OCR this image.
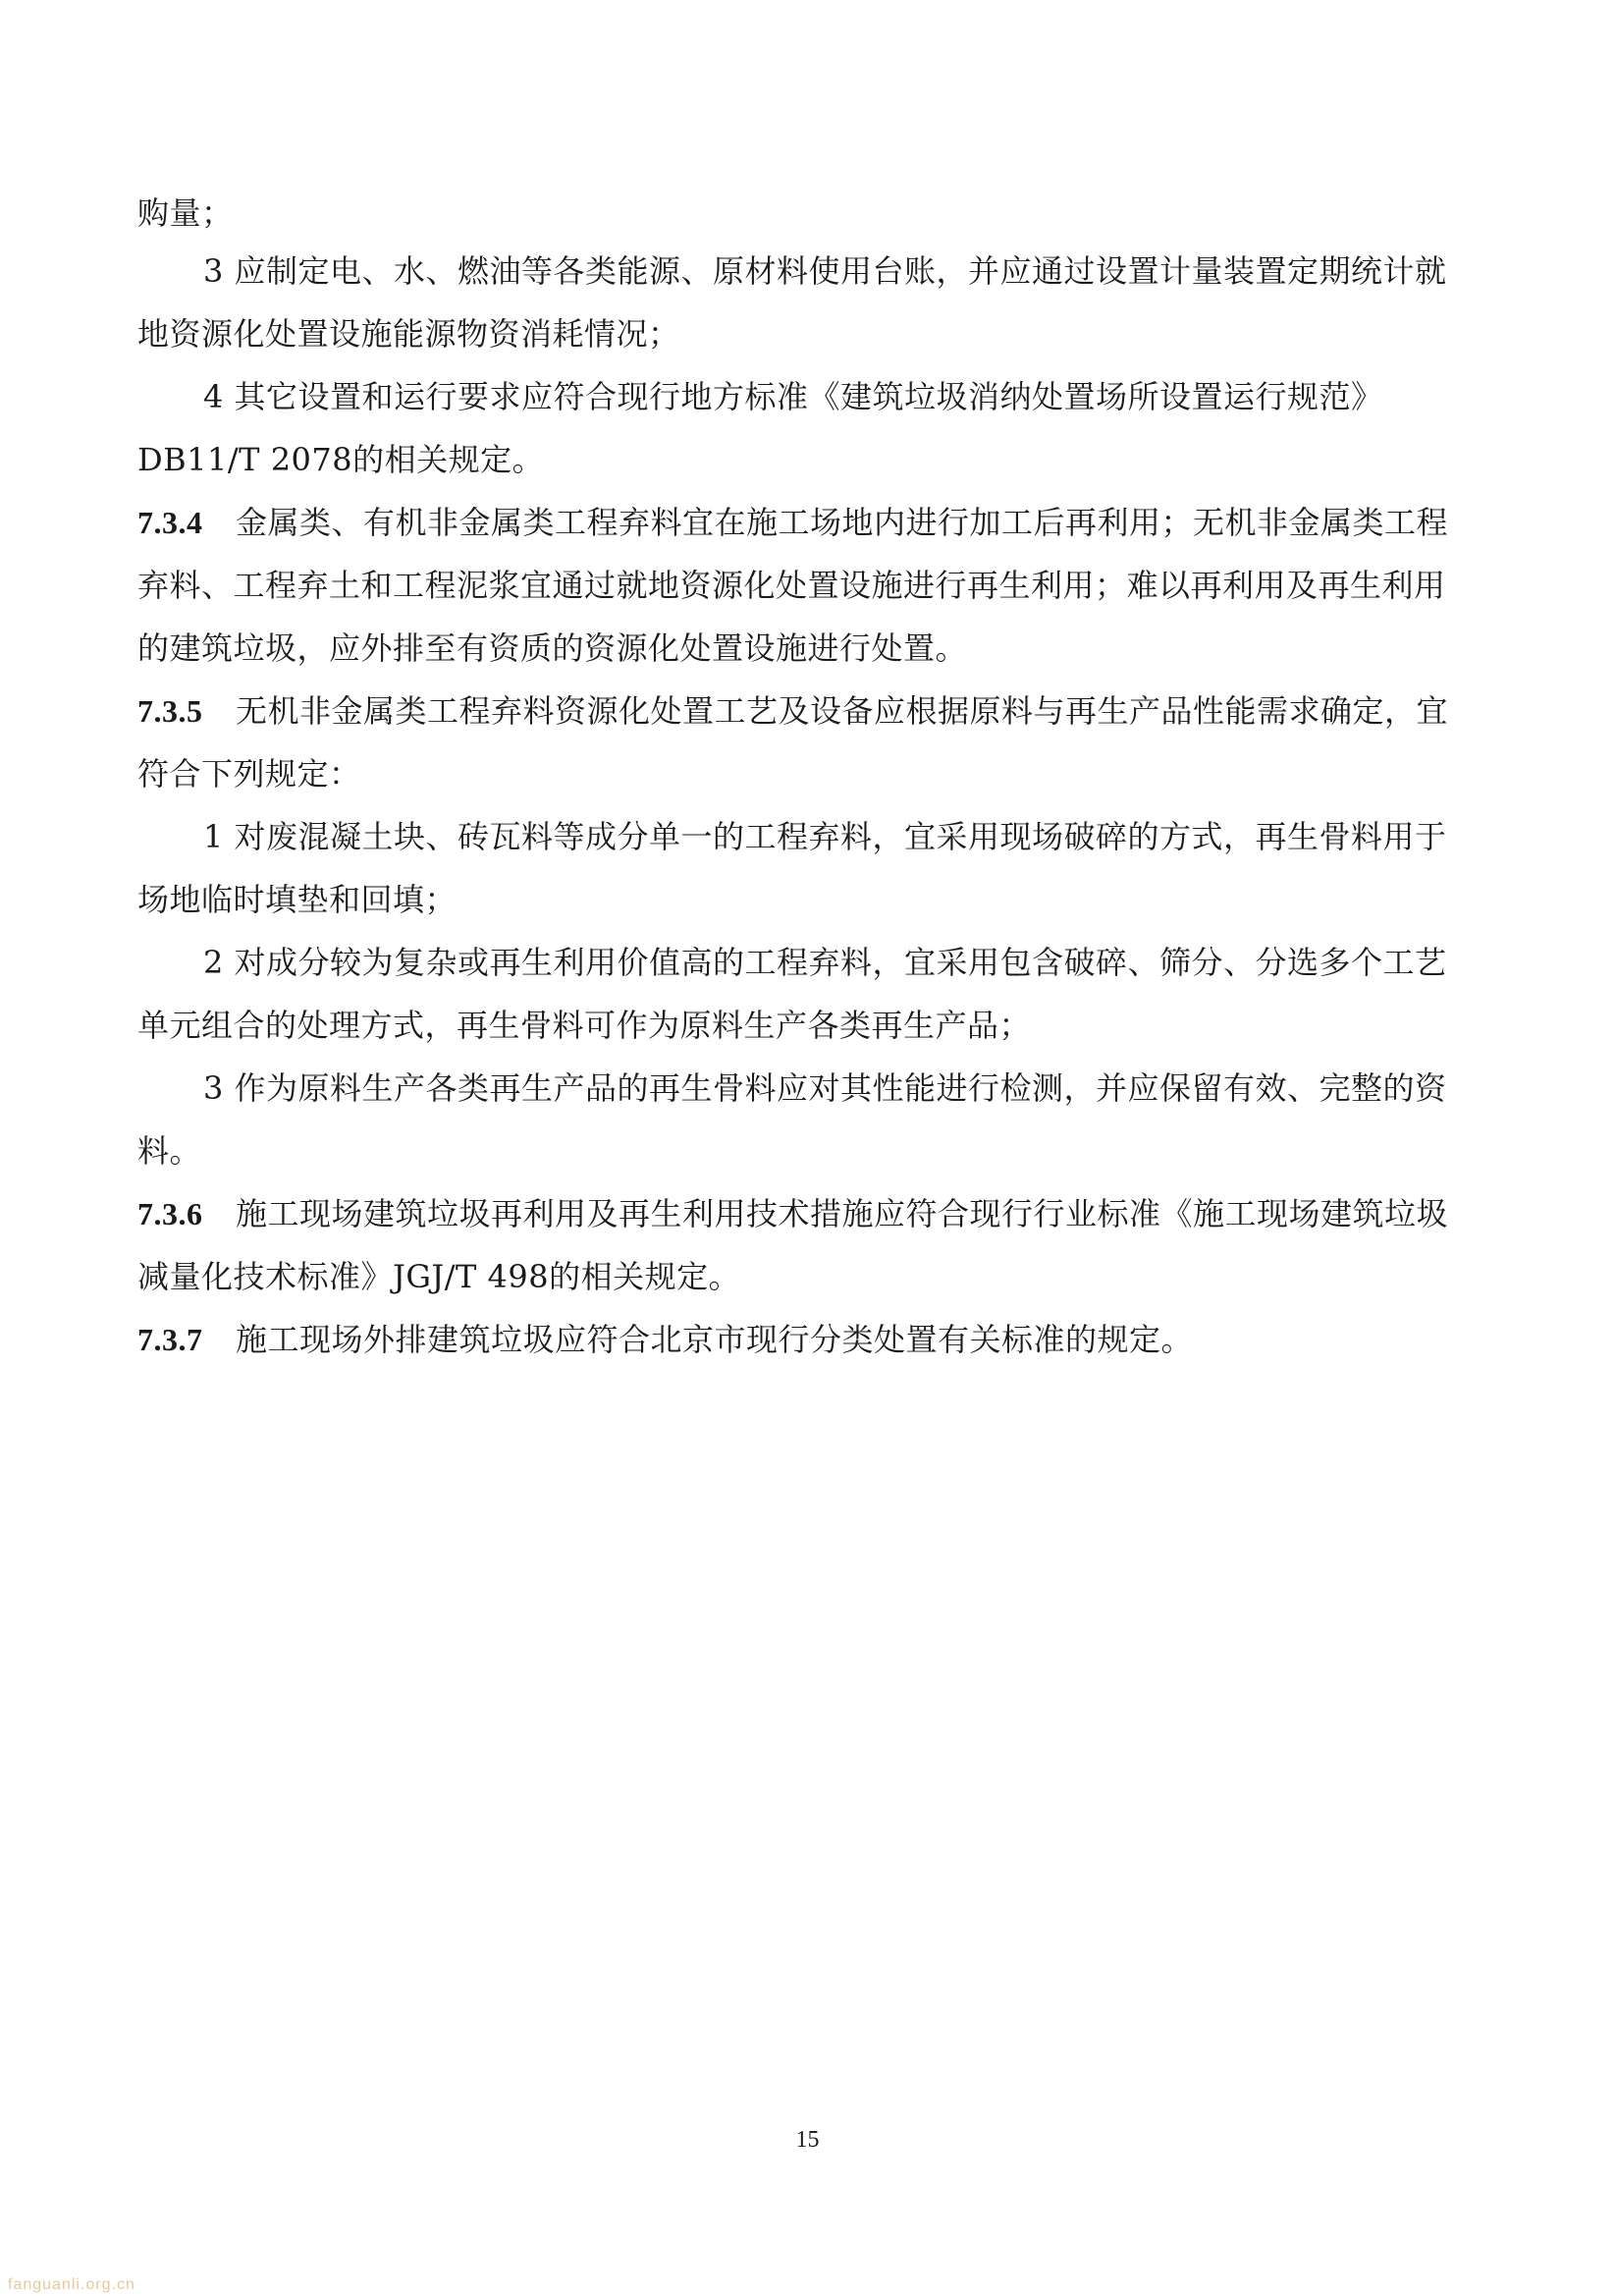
购量；
3 应制定电、水、燃油等各类能源、原材料使用台账，并应通过设置计量装置定期统计就
地资源化处置设施能源物资消耗情况；
4 其它设置和运行要求应符合现行地方标准《建筑垃圾消纳处置场所设置运行规范》
DB11/T 2078的相关规定。
7.3.4 金属类、有机非金属类工程弃料宜在施工场地内进行加工后再利用；无机非金属类工程
弃料、工程弃土和工程泥浆宜通过就地资源化处置设施进行再生利用；难以再利用及再生利用
的建筑垃圾，应外排至有资质的资源化处置设施进行处置。
7.3.5 无机非金属类工程弃料资源化处置工艺及设备应根据原料与再生产品性能需求确定，宜
符合下列规定：
1 对废混凝土块、砖瓦料等成分单一的工程弃料，宜采用现场破碎的方式，再生骨料用于
场地临时填垫和回填；
2 对成分较为复杂或再生利用价值高的工程弃料，宜采用包含破碎、筛分、分选多个工艺
单元组合的处理方式，再生骨料可作为原料生产各类再生产品；
3 作为原料生产各类再生产品的再生骨料应对其性能进行检测，并应保留有效、完整的资
料。
7.3.6 施工现场建筑垃圾再利用及再生利用技术措施应符合现行行业标准《施工现场建筑垃圾
减量化技术标准》JGJ/T 498的相关规定。
7.3.7 施工现场外排建筑垃圾应符合北京市现行分类处置有关标准的规定。
15
fanguanli.org.cn
